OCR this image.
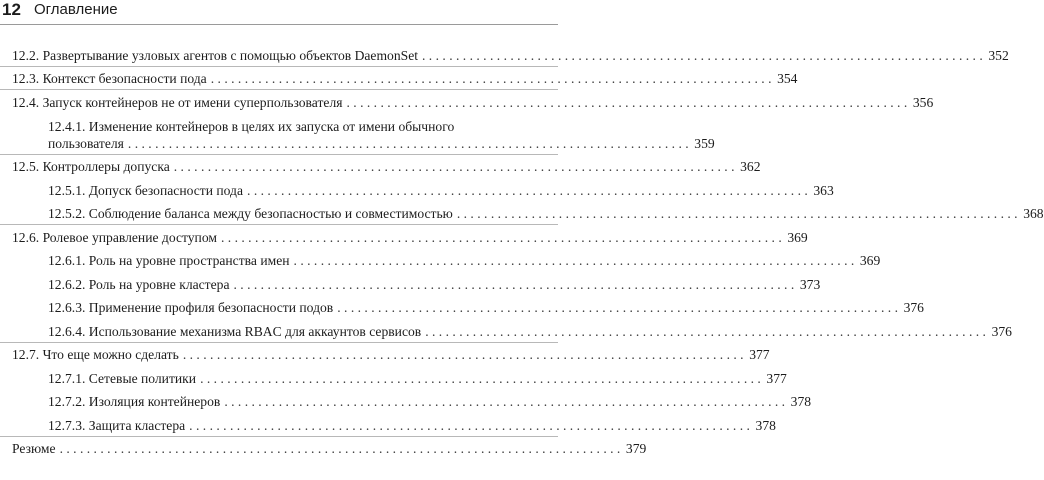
12 Оглавление
12.2. Развертывание узловых агентов с помощью объектов DaemonSet . . .	352
12.3. Контекст безопасности пода . . .	354
12.4. Запуск контейнеров не от имени суперпользователя . . .	356
12.4.1. Изменение контейнеров в целях их запуска от имени обычного
пользователя . . .	359
12.5. Контроллеры допуска . . .	362
12.5.1. Допуск безопасности пода . . .	363
12.5.2. Соблюдение баланса между безопасностью и совместимостью . . .	368
12.6. Ролевое управление доступом . . .	369
12.6.1. Роль на уровне пространства имен . . .	369
12.6.2. Роль на уровне кластера . . .	373
12.6.3. Применение профиля безопасности подов . . .	376
12.6.4. Использование механизма RBAC для аккаунтов сервисов . . .	376
12.7. Что еще можно сделать . . .	377
12.7.1. Сетевые политики . . .	377
12.7.2. Изоляция контейнеров . . .	378
12.7.3. Защита кластера . . .	378
Резюме . . .	379
